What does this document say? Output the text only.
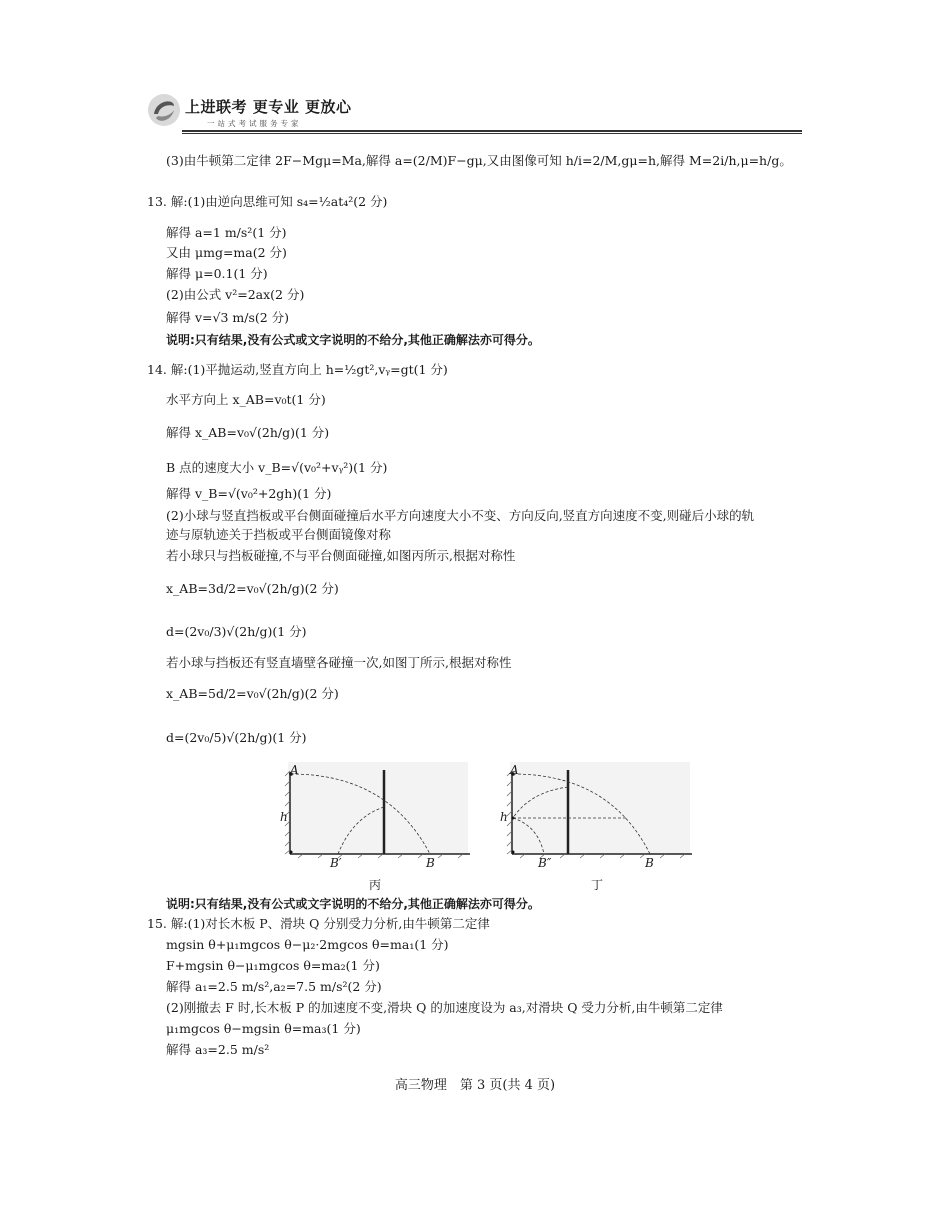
上进联考 更专业 更放心
一站式考试服务专家
(3)由牛顿第二定律 2F−Mgμ=Ma,解得 a=(2/M)F−gμ,又由图像可知 h/i=2/M,gμ=h,解得 M=2i/h,μ=h/g。
13. 解:(1)由逆向思维可知 s₄=½at₄²(2 分)
解得 a=1 m/s²(1 分)
又由 μmg=ma(2 分)
解得 μ=0.1(1 分)
(2)由公式 v²=2ax(2 分)
解得 v=√3 m/s(2 分)
说明:只有结果,没有公式或文字说明的不给分,其他正确解法亦可得分。
14. 解:(1)平抛运动,竖直方向上 h=½gt²,vᵧ=gt(1 分)
水平方向上 x_AB=v₀t(1 分)
解得 x_AB=v₀√(2h/g)(1 分)
B 点的速度大小 v_B=√(v₀²+vᵧ²)(1 分)
解得 v_B=√(v₀²+2gh)(1 分)
(2)小球与竖直挡板或平台侧面碰撞后水平方向速度大小不变、方向反向,竖直方向速度不变,则碰后小球的轨
迹与原轨迹关于挡板或平台侧面镜像对称
若小球只与挡板碰撞,不与平台侧面碰撞,如图丙所示,根据对称性
x_AB=3d/2=v₀√(2h/g)(2 分)
d=(2v₀/3)√(2h/g)(1 分)
若小球与挡板还有竖直墙壁各碰撞一次,如图丁所示,根据对称性
x_AB=5d/2=v₀√(2h/g)(2 分)
d=(2v₀/5)√(2h/g)(1 分)
A
h
B′	B
丙
A
h
B″	B
丁
说明:只有结果,没有公式或文字说明的不给分,其他正确解法亦可得分。
15. 解:(1)对长木板 P、滑块 Q 分别受力分析,由牛顿第二定律
mgsin θ+μ₁mgcos θ−μ₂·2mgcos θ=ma₁(1 分)
F+mgsin θ−μ₁mgcos θ=ma₂(1 分)
解得 a₁=2.5 m/s²,a₂=7.5 m/s²(2 分)
(2)刚撤去 F 时,长木板 P 的加速度不变,滑块 Q 的加速度设为 a₃,对滑块 Q 受力分析,由牛顿第二定律
μ₁mgcos θ−mgsin θ=ma₃(1 分)
解得 a₃=2.5 m/s²
高三物理　第 3 页(共 4 页)
